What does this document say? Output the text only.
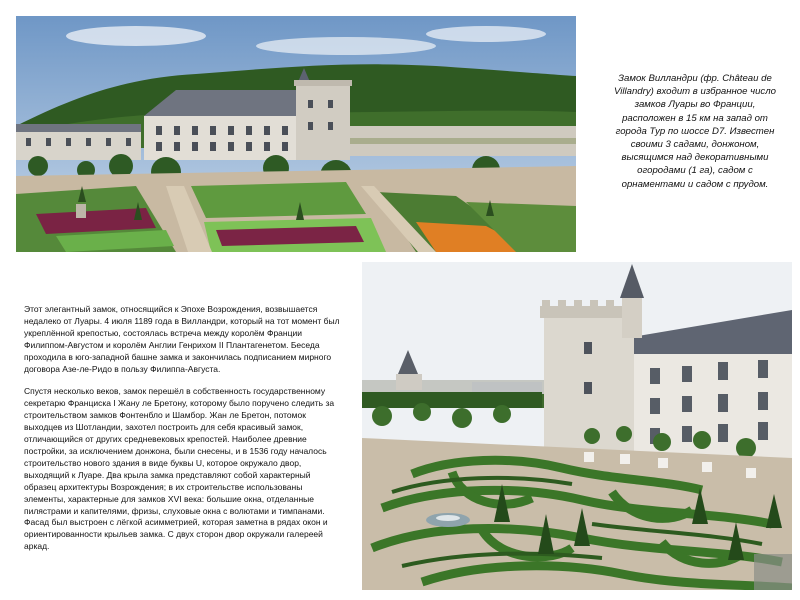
Замок Вилландри (фр. Château de Villandry) входит в избранное число замков Луары во Франции, расположен в 15 км на запад от города Тур по шоссе D7. Известен своими 3 садами, донжоном, высящимся над декоративными огородами (1 га), садом с орнаментами и садом с прудом.

Этот элегантный замок, относящийся к Эпохе Возрождения, возвышается недалеко от Луары. 4 июля 1189 года в Вилландри, который на тот момент был укреплённой крепостью, состоялась встреча между королём Франции Филиппом-Августом и королём Англии Генрихом II Плантагенетом. Беседа проходила в юго-западной башне замка и закончилась подписанием мирного договора Азе-ле-Ридо в пользу Филиппа-Августа.

Спустя несколько веков, замок перешёл в собственность государственному секретарю Франциска I Жану ле Бретону, которому было поручено следить за строительством замков Фонтенбло и Шамбор. Жан ле Бретон, потомок выходцев из Шотландии, захотел построить для себя красивый замок, отличающийся от других средневековых крепостей. Наиболее древние постройки, за исключением донжона, были снесены, и в 1536 году началось строительство нового здания в виде буквы U, которое окружало двор, выходящий к Луаре. Два крыла замка представляют собой характерный образец архитектуры Возрождения; в их строительстве использованы элементы, характерные для замков XVI века: большие окна, отделанные пилястрами и капителями, фризы, слуховые окна с волютами и тимпанами. Фасад был выстроен с лёгкой асимметрией, которая заметна в рядах окон и ориентированности крыльев замка. С двух сторон двор окружали галереей аркад.
